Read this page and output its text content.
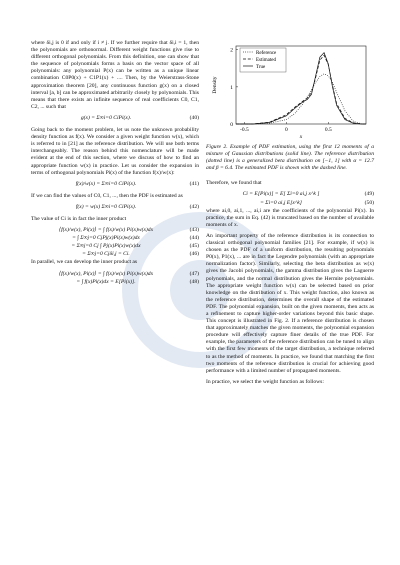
where δi,j is 0 if and only if i ≠ j. If we further require that δi,i = 1, then the polynomials are orthonormal. Different weight functions give rise to different orthogonal polynomials. From this definition, one can show that the sequence of polynomials forms a basis on the vector space of all polynomials: any polynomial P(x) can be written as a unique linear combination C0P0(x) + C1P1(x) + .... Then, by the Weierstrass-Stone approximation theorem [20], any continuous function g(x) on a closed interval [a, b] can be approximated arbitrarily closely by polynomials. This means that there exists an infinite sequence of real coefficients C0, C1, C2, ... such that

g(x) = Σ∞i=0 CiPi(x).	(40)

Going back to the moment problem, let us note the unknown probability density function as f(x). We consider a given weight function w(x), which is referred to in [21] as the reference distribution. We will use both terms interchangeably. The reason behind this nomenclature will be made evident at the end of this section, where we discuss of how to find an appropriate function w(x) in practice. Let us consider the expansion in terms of orthogonal polynomials Pi(x) of the function f(x)/w(x):

f(x)/w(x) = Σ∞i=0 CiPi(x).	(41)

If we can find the values of C0, C1, ..., then the PDF is estimated as

f(x) = w(x) Σ∞i=0 CiPi(x).	(42)

The value of Ci is in fact the inner product

⟨f(x)/w(x), Pi(x)⟩ = ∫ f(x)/w(x) Pi(x)w(x)dx	(43)
= ∫ Σ∞j=0 CjPj(x)Pi(x)w(x)dx	(44)
= Σ∞j=0 Cj ∫ Pj(x)Pi(x)w(x)dx	(45)
= Σ∞j=0 Cjδi,j = Ci.	(46)

In parallel, we can develop the inner product as

⟨f(x)/w(x), Pi(x)⟩ = ∫ f(x)/w(x) Pi(x)w(x)dx	(47)
= ∫ f(x)Pi(x)dx = E[Pi(x)].	(48)
-0.5	0	0.5
0
1
2
x
Density
Reference
Estimated
True

Figure 2. Example of PDF estimation, using the first 12 moments of a mixture of Gaussian distributions (solid line). The reference distribution (dotted line) is a generalized beta distribution on [−1, 1] with α = 12.7 and β = 6.4. The estimated PDF is shown with the dashed line.

Therefore, we found that

Ci = E[Pi(x)] = E[ Σi=0 ai,j x^k ]	(49)
= Σi=0 ai,j E[x^k]	(50)

where ai,0, ai,1, ..., ai,i are the coefficients of the polynomial Pi(x). In practice, the sum in Eq. (42) is truncated based on the number of available moments of x.

An important property of the reference distribution is its connection to classical orthogonal polynomial families [21]. For example, if w(x) is chosen as the PDF of a uniform distribution, the resulting polynomials P0(x), P1(x), ... are in fact the Legendre polynomials (with an appropriate normalization factor). Similarly, selecting the beta distribution as w(x) gives the Jacobi polynomials, the gamma distribution gives the Laguerre polynomials, and the normal distribution gives the Hermite polynomials. The appropriate weight function w(x) can be selected based on prior knowledge on the distribution of x. This weight function, also known as the reference distribution, determines the overall shape of the estimated PDF. The polynomial expansion, built on the given moments, then acts as a refinement to capture higher-order variations beyond this basic shape. This concept is illustrated in Fig. 2. If a reference distribution is chosen that approximately matches the given moments, the polynomial expansion procedure will effectively capture finer details of the true PDF. For example, the parameters of the reference distribution can be tuned to align with the first few moments of the target distribution, a technique referred to as the method of moments. In practice, we found that matching the first two moments of the reference distribution is crucial for achieving good performance with a limited number of propagated moments.

In practice, we select the weight function as follows:
